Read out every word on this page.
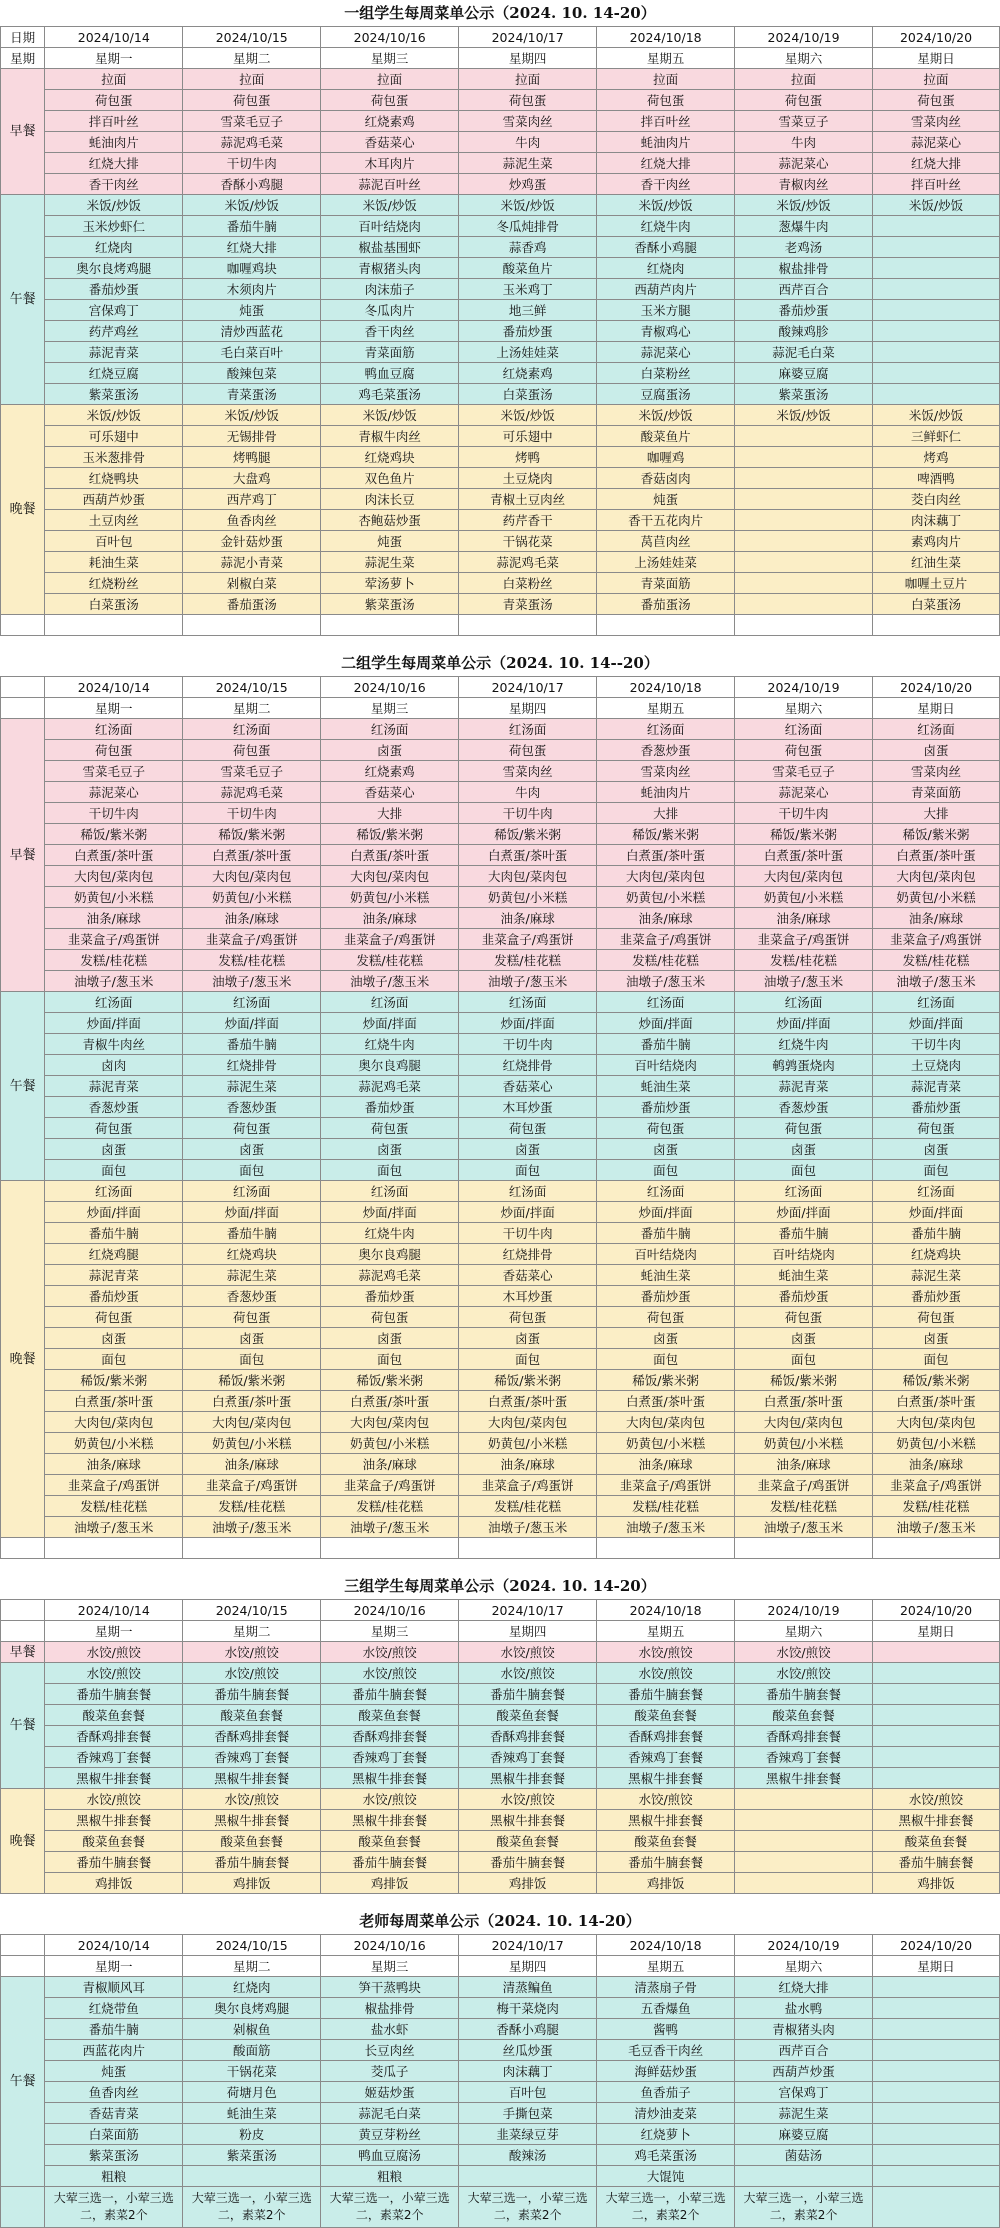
一组学生每周菜单公示（2024. 10. 14-20）
日期	2024/10/14	2024/10/15	2024/10/16	2024/10/17	2024/10/18	2024/10/19	2024/10/20
星期	星期一	星期二	星期三	星期四	星期五	星期六	星期日
早餐	拉面	拉面	拉面	拉面	拉面	拉面	拉面
	荷包蛋	荷包蛋	荷包蛋	荷包蛋	荷包蛋	荷包蛋	荷包蛋
	拌百叶丝	雪菜毛豆子	红烧素鸡	雪菜肉丝	拌百叶丝	雪菜豆子	雪菜肉丝
	蚝油肉片	蒜泥鸡毛菜	香菇菜心	牛肉	蚝油肉片	牛肉	蒜泥菜心
	红烧大排	干切牛肉	木耳肉片	蒜泥生菜	红烧大排	蒜泥菜心	红烧大排
	香干肉丝	香酥小鸡腿	蒜泥百叶丝	炒鸡蛋	香干肉丝	青椒肉丝	拌百叶丝
午餐	米饭/炒饭	米饭/炒饭	米饭/炒饭	米饭/炒饭	米饭/炒饭	米饭/炒饭	米饭/炒饭
	玉米炒虾仁	番茄牛腩	百叶结烧肉	冬瓜炖排骨	红烧牛肉	葱爆牛肉	
	红烧肉	红烧大排	椒盐基围虾	蒜香鸡	香酥小鸡腿	老鸡汤	
	奥尔良烤鸡腿	咖喱鸡块	青椒猪头肉	酸菜鱼片	红烧肉	椒盐排骨	
	番茄炒蛋	木须肉片	肉沫茄子	玉米鸡丁	西葫芦肉片	西芹百合	
	宫保鸡丁	炖蛋	冬瓜肉片	地三鲜	玉米方腿	番茄炒蛋	
	药芹鸡丝	清炒西蓝花	香干肉丝	番茄炒蛋	青椒鸡心	酸辣鸡胗	
	蒜泥青菜	毛白菜百叶	青菜面筋	上汤娃娃菜	蒜泥菜心	蒜泥毛白菜	
	红烧豆腐	酸辣包菜	鸭血豆腐	红烧素鸡	白菜粉丝	麻婆豆腐	
	紫菜蛋汤	青菜蛋汤	鸡毛菜蛋汤	白菜蛋汤	豆腐蛋汤	紫菜蛋汤	
晚餐	米饭/炒饭	米饭/炒饭	米饭/炒饭	米饭/炒饭	米饭/炒饭	米饭/炒饭	米饭/炒饭
	可乐翅中	无锡排骨	青椒牛肉丝	可乐翅中	酸菜鱼片		三鲜虾仁
	玉米葱排骨	烤鸭腿	红烧鸡块	烤鸭	咖喱鸡		烤鸡
	红烧鸭块	大盘鸡	双色鱼片	土豆烧肉	香菇卤肉		啤酒鸭
	西葫芦炒蛋	西芹鸡丁	肉沫长豆	青椒土豆肉丝	炖蛋		茭白肉丝
	土豆肉丝	鱼香肉丝	杏鲍菇炒蛋	药芹香干	香干五花肉片		肉沫藕丁
	百叶包	金针菇炒蛋	炖蛋	干锅花菜	莴苣肉丝		素鸡肉片
	耗油生菜	蒜泥小青菜	蒜泥生菜	蒜泥鸡毛菜	上汤娃娃菜		红油生菜
	红烧粉丝	剁椒白菜	荤汤萝卜	白菜粉丝	青菜面筋		咖喱土豆片
	白菜蛋汤	番茄蛋汤	紫菜蛋汤	青菜蛋汤	番茄蛋汤		白菜蛋汤

二组学生每周菜单公示（2024. 10. 14--20）
	2024/10/14	2024/10/15	2024/10/16	2024/10/17	2024/10/18	2024/10/19	2024/10/20
	星期一	星期二	星期三	星期四	星期五	星期六	星期日
早餐	红汤面	红汤面	红汤面	红汤面	红汤面	红汤面	红汤面
	荷包蛋	荷包蛋	卤蛋	荷包蛋	香葱炒蛋	荷包蛋	卤蛋
	雪菜毛豆子	雪菜毛豆子	红烧素鸡	雪菜肉丝	雪菜肉丝	雪菜毛豆子	雪菜肉丝
	蒜泥菜心	蒜泥鸡毛菜	香菇菜心	牛肉	蚝油肉片	蒜泥菜心	青菜面筋
	干切牛肉	干切牛肉	大排	干切牛肉	大排	干切牛肉	大排
	稀饭/紫米粥	稀饭/紫米粥	稀饭/紫米粥	稀饭/紫米粥	稀饭/紫米粥	稀饭/紫米粥	稀饭/紫米粥
	白煮蛋/茶叶蛋	白煮蛋/茶叶蛋	白煮蛋/茶叶蛋	白煮蛋/茶叶蛋	白煮蛋/茶叶蛋	白煮蛋/茶叶蛋	白煮蛋/茶叶蛋
	大肉包/菜肉包	大肉包/菜肉包	大肉包/菜肉包	大肉包/菜肉包	大肉包/菜肉包	大肉包/菜肉包	大肉包/菜肉包
	奶黄包/小米糕	奶黄包/小米糕	奶黄包/小米糕	奶黄包/小米糕	奶黄包/小米糕	奶黄包/小米糕	奶黄包/小米糕
	油条/麻球	油条/麻球	油条/麻球	油条/麻球	油条/麻球	油条/麻球	油条/麻球
	韭菜盒子/鸡蛋饼	韭菜盒子/鸡蛋饼	韭菜盒子/鸡蛋饼	韭菜盒子/鸡蛋饼	韭菜盒子/鸡蛋饼	韭菜盒子/鸡蛋饼	韭菜盒子/鸡蛋饼
	发糕/桂花糕	发糕/桂花糕	发糕/桂花糕	发糕/桂花糕	发糕/桂花糕	发糕/桂花糕	发糕/桂花糕
	油墩子/葱玉米	油墩子/葱玉米	油墩子/葱玉米	油墩子/葱玉米	油墩子/葱玉米	油墩子/葱玉米	油墩子/葱玉米
午餐	红汤面	红汤面	红汤面	红汤面	红汤面	红汤面	红汤面
	炒面/拌面	炒面/拌面	炒面/拌面	炒面/拌面	炒面/拌面	炒面/拌面	炒面/拌面
	青椒牛肉丝	番茄牛腩	红烧牛肉	干切牛肉	番茄牛腩	红烧牛肉	干切牛肉
	卤肉	红烧排骨	奥尔良鸡腿	红烧排骨	百叶结烧肉	鹌鹑蛋烧肉	土豆烧肉
	蒜泥青菜	蒜泥生菜	蒜泥鸡毛菜	香菇菜心	蚝油生菜	蒜泥青菜	蒜泥青菜
	香葱炒蛋	香葱炒蛋	番茄炒蛋	木耳炒蛋	番茄炒蛋	香葱炒蛋	番茄炒蛋
	荷包蛋	荷包蛋	荷包蛋	荷包蛋	荷包蛋	荷包蛋	荷包蛋
	卤蛋	卤蛋	卤蛋	卤蛋	卤蛋	卤蛋	卤蛋
	面包	面包	面包	面包	面包	面包	面包
晚餐	红汤面	红汤面	红汤面	红汤面	红汤面	红汤面	红汤面
	炒面/拌面	炒面/拌面	炒面/拌面	炒面/拌面	炒面/拌面	炒面/拌面	炒面/拌面
	番茄牛腩	番茄牛腩	红烧牛肉	干切牛肉	番茄牛腩	番茄牛腩	番茄牛腩
	红烧鸡腿	红烧鸡块	奥尔良鸡腿	红烧排骨	百叶结烧肉	百叶结烧肉	红烧鸡块
	蒜泥青菜	蒜泥生菜	蒜泥鸡毛菜	香菇菜心	蚝油生菜	蚝油生菜	蒜泥生菜
	番茄炒蛋	香葱炒蛋	番茄炒蛋	木耳炒蛋	番茄炒蛋	番茄炒蛋	番茄炒蛋
	荷包蛋	荷包蛋	荷包蛋	荷包蛋	荷包蛋	荷包蛋	荷包蛋
	卤蛋	卤蛋	卤蛋	卤蛋	卤蛋	卤蛋	卤蛋
	面包	面包	面包	面包	面包	面包	面包
	稀饭/紫米粥	稀饭/紫米粥	稀饭/紫米粥	稀饭/紫米粥	稀饭/紫米粥	稀饭/紫米粥	稀饭/紫米粥
	白煮蛋/茶叶蛋	白煮蛋/茶叶蛋	白煮蛋/茶叶蛋	白煮蛋/茶叶蛋	白煮蛋/茶叶蛋	白煮蛋/茶叶蛋	白煮蛋/茶叶蛋
	大肉包/菜肉包	大肉包/菜肉包	大肉包/菜肉包	大肉包/菜肉包	大肉包/菜肉包	大肉包/菜肉包	大肉包/菜肉包
	奶黄包/小米糕	奶黄包/小米糕	奶黄包/小米糕	奶黄包/小米糕	奶黄包/小米糕	奶黄包/小米糕	奶黄包/小米糕
	油条/麻球	油条/麻球	油条/麻球	油条/麻球	油条/麻球	油条/麻球	油条/麻球
	韭菜盒子/鸡蛋饼	韭菜盒子/鸡蛋饼	韭菜盒子/鸡蛋饼	韭菜盒子/鸡蛋饼	韭菜盒子/鸡蛋饼	韭菜盒子/鸡蛋饼	韭菜盒子/鸡蛋饼
	发糕/桂花糕	发糕/桂花糕	发糕/桂花糕	发糕/桂花糕	发糕/桂花糕	发糕/桂花糕	发糕/桂花糕
	油墩子/葱玉米	油墩子/葱玉米	油墩子/葱玉米	油墩子/葱玉米	油墩子/葱玉米	油墩子/葱玉米	油墩子/葱玉米

三组学生每周菜单公示（2024. 10. 14-20）
	2024/10/14	2024/10/15	2024/10/16	2024/10/17	2024/10/18	2024/10/19	2024/10/20
	星期一	星期二	星期三	星期四	星期五	星期六	星期日
早餐	水饺/煎饺	水饺/煎饺	水饺/煎饺	水饺/煎饺	水饺/煎饺	水饺/煎饺	
午餐	水饺/煎饺	水饺/煎饺	水饺/煎饺	水饺/煎饺	水饺/煎饺	水饺/煎饺	
	番茄牛腩套餐	番茄牛腩套餐	番茄牛腩套餐	番茄牛腩套餐	番茄牛腩套餐	番茄牛腩套餐	
	酸菜鱼套餐	酸菜鱼套餐	酸菜鱼套餐	酸菜鱼套餐	酸菜鱼套餐	酸菜鱼套餐	
	香酥鸡排套餐	香酥鸡排套餐	香酥鸡排套餐	香酥鸡排套餐	香酥鸡排套餐	香酥鸡排套餐	
	香辣鸡丁套餐	香辣鸡丁套餐	香辣鸡丁套餐	香辣鸡丁套餐	香辣鸡丁套餐	香辣鸡丁套餐	
	黑椒牛排套餐	黑椒牛排套餐	黑椒牛排套餐	黑椒牛排套餐	黑椒牛排套餐	黑椒牛排套餐	
晚餐	水饺/煎饺	水饺/煎饺	水饺/煎饺	水饺/煎饺	水饺/煎饺		水饺/煎饺
	黑椒牛排套餐	黑椒牛排套餐	黑椒牛排套餐	黑椒牛排套餐	黑椒牛排套餐		黑椒牛排套餐
	酸菜鱼套餐	酸菜鱼套餐	酸菜鱼套餐	酸菜鱼套餐	酸菜鱼套餐		酸菜鱼套餐
	番茄牛腩套餐	番茄牛腩套餐	番茄牛腩套餐	番茄牛腩套餐	番茄牛腩套餐		番茄牛腩套餐
	鸡排饭	鸡排饭	鸡排饭	鸡排饭	鸡排饭		鸡排饭
老师每周菜单公示（2024. 10. 14-20）
	2024/10/14	2024/10/15	2024/10/16	2024/10/17	2024/10/18	2024/10/19	2024/10/20
	星期一	星期二	星期三	星期四	星期五	星期六	星期日
午餐	青椒顺风耳	红烧肉	笋干蒸鸭块	清蒸鳊鱼	清蒸扇子骨	红烧大排	
	红烧带鱼	奥尔良烤鸡腿	椒盐排骨	梅干菜烧肉	五香爆鱼	盐水鸭	
	番茄牛腩	剁椒鱼	盐水虾	香酥小鸡腿	酱鸭	青椒猪头肉	
	西蓝花肉片	酸面筋	长豆肉丝	丝瓜炒蛋	毛豆香干肉丝	西芹百合	
	炖蛋	干锅花菜	茭瓜子	肉沫藕丁	海鲜菇炒蛋	西葫芦炒蛋	
	鱼香肉丝	荷塘月色	姬菇炒蛋	百叶包	鱼香茄子	宫保鸡丁	
	香菇青菜	蚝油生菜	蒜泥毛白菜	手撕包菜	清炒油麦菜	蒜泥生菜	
	白菜面筋	粉皮	黄豆芽粉丝	韭菜绿豆芽	红烧萝卜	麻婆豆腐	
	紫菜蛋汤	紫菜蛋汤	鸭血豆腐汤	酸辣汤	鸡毛菜蛋汤	菌菇汤	
	粗粮		粗粮		大馄饨		
	大荤三选一，小荤三选二，素菜2个	大荤三选一，小荤三选二，素菜2个	大荤三选一，小荤三选二，素菜2个	大荤三选一，小荤三选二，素菜2个	大荤三选一，小荤三选二，素菜2个	大荤三选一，小荤三选二，素菜2个	
